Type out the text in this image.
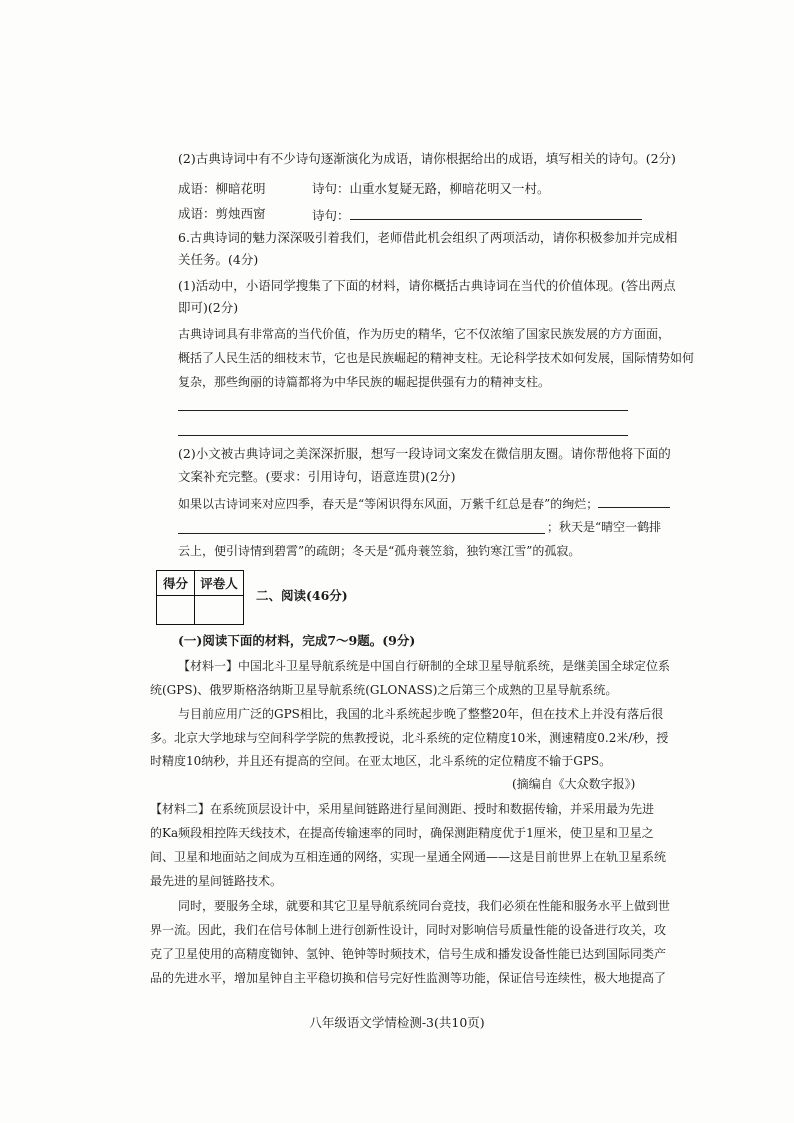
(2)古典诗词中有不少诗句逐渐演化为成语，请你根据给出的成语，填写相关的诗句。(2分)
成语：柳暗花明	诗句：山重水复疑无路，柳暗花明又一村。
成语：剪烛西窗	诗句：
6.古典诗词的魅力深深吸引着我们，老师借此机会组织了两项活动，请你积极参加并完成相
关任务。(4分)
(1)活动中，小语同学搜集了下面的材料，请你概括古典诗词在当代的价值体现。(答出两点
即可)(2分)
古典诗词具有非常高的当代价值，作为历史的精华，它不仅浓缩了国家民族发展的方方面面，
概括了人民生活的细枝末节，它也是民族崛起的精神支柱。无论科学技术如何发展，国际情势如何
复杂，那些绚丽的诗篇都将为中华民族的崛起提供强有力的精神支柱。
(2)小文被古典诗词之美深深折服，想写一段诗词文案发在微信朋友圈。请你帮他将下面的
文案补充完整。(要求：引用诗句，语意连贯)(2分)
如果以古诗词来对应四季，春天是“等闲识得东风面，万紫千红总是春”的绚烂；
；秋天是“晴空一鹤排
云上，便引诗情到碧霄”的疏朗；冬天是“孤舟蓑笠翁，独钓寒江雪”的孤寂。
得分	评卷人

二、阅读(46分)
(一)阅读下面的材料，完成7～9题。(9分)
【材料一】中国北斗卫星导航系统是中国自行研制的全球卫星导航系统，是继美国全球定位系
统(GPS)、俄罗斯格洛纳斯卫星导航系统(GLONASS)之后第三个成熟的卫星导航系统。
与目前应用广泛的GPS相比，我国的北斗系统起步晚了整整20年，但在技术上并没有落后很
多。北京大学地球与空间科学学院的焦教授说，北斗系统的定位精度10米，测速精度0.2米/秒，授
时精度10纳秒，并且还有提高的空间。在亚太地区，北斗系统的定位精度不输于GPS。
(摘编自《大众数字报》)
【材料二】在系统顶层设计中，采用星间链路进行星间测距、授时和数据传输，并采用最为先进
的Ka频段相控阵天线技术，在提高传输速率的同时，确保测距精度优于1厘米，使卫星和卫星之
间、卫星和地面站之间成为互相连通的网络，实现一星通全网通——这是目前世界上在轨卫星系统
最先进的星间链路技术。
同时，要服务全球，就要和其它卫星导航系统同台竞技，我们必须在性能和服务水平上做到世
界一流。因此，我们在信号体制上进行创新性设计，同时对影响信号质量性能的设备进行攻关，攻
克了卫星使用的高精度铷钟、氢钟、铯钟等时频技术，信号生成和播发设备性能已达到国际同类产
品的先进水平，增加星钟自主平稳切换和信号完好性监测等功能，保证信号连续性，极大地提高了
八年级语文学情检测-3(共10页)
